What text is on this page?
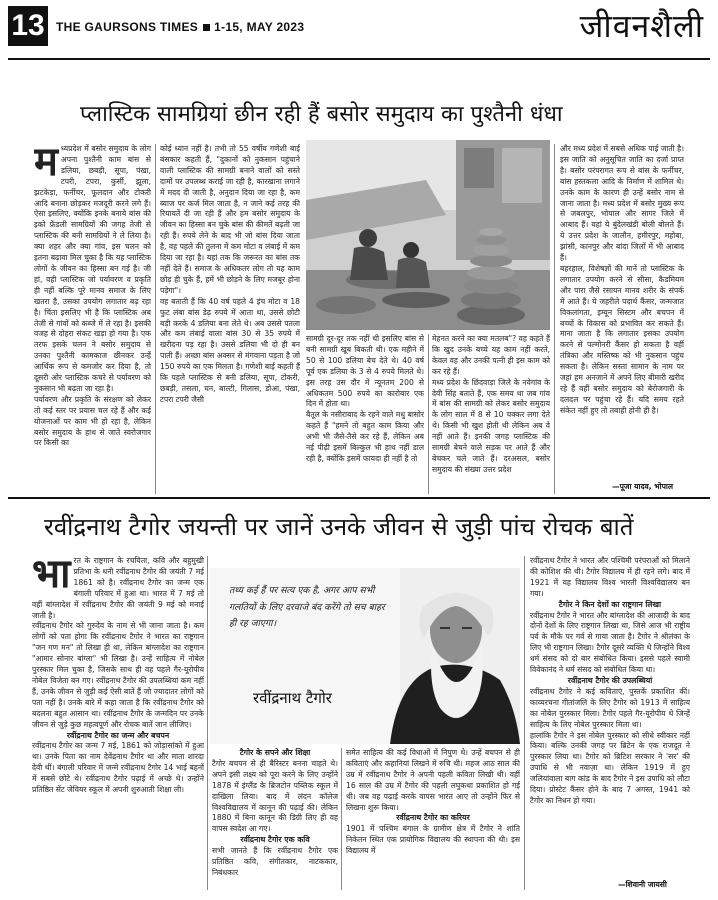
13 THE GAURSONS TIMES 1-15, MAY 2023	जीवनशैली
प्लास्टिक सामग्रियां छीन रही हैं बसोर समुदाय का पुश्तैनी धंधा
म ध्यप्रदेश में बसोर समुदाय के लोग अपना पुश्तैनी काम बांस से डलिया, छबड़ी, सूपा, पंखा, टपरी, टपरा, कुर्सी, झूला, झटकेड़ा, फर्नीचर, फूलदान और टोकरी आदि बनाना छोड़कर मजदूरी करने लगे हैं। ऐसा इसलिए, क्योंकि इनके बनाये बांस की इको फ्रेंडली सामग्रियों की जगह तेजी से प्लास्टिक की बनी सामग्रियों ने ले लिया है। क्या शहर और क्या गांव, इस चलन को इतना बढ़ावा मिल चुका है कि यह प्लास्टिक लोगों के जीवन का हिस्सा बन गई है। जी हां, वही प्लास्टिक जो पर्यावरण व प्रकृति ही नहीं बल्कि पूरे मानव समाज के लिए खतरा है, उसका उपयोग लगातार बढ़ रहा है। चिंता इसलिए भी है कि प्लास्टिक अब तेजी से गांवों को कब्जे में ले रहा है। इसकी वजह से दोहरा संकट खड़ा हो गया है। एक तरफ इसके चलन ने बसोर समुदाय से उनका पुश्तैनी कामकाज छीनकर उन्हें आर्थिक रूप से कमजोर कर दिया है, तो दूसरी ओर प्लास्टिक कचरे से पर्यावरण को नुकसान भी बढ़ता जा रहा है।

पर्यावरण और प्रकृति के संरक्षण को लेकर तो कई स्तर पर प्रयास चल रहे हैं और कई योजनाओं पर काम भी हो रहा है, लेकिन बसोर समुदाय के हाथ से जाते स्वरोजगार पर किसी का

कोई ध्यान नहीं है। तभी तो 55 वर्षीय गणेशी बाई बंसकार कहती हैं, "दुकानों को नुकसान पहुंचाने वाली प्लास्टिक की सामग्री बनाने वालों को सस्ते दामों पर उपलब्ध कराई जा रही है, कारखाना लगाने में मदद दी जाती है, अनुदान दिया जा रहा है, कम ब्याज पर कर्ज मिल जाता है, न जाने कई तरह की रियायतें दी जा रही हैं और हम बसोर समुदाय के जीवन का हिस्सा बन चुके बांस की कीमतें बढ़ती जा रही हैं। रुपये लेने के बाद भी जो बांस दिया जाता है, वह पहले की तुलना में कम मोटा व लंबाई में कम दिया जा रहा है। यहां तक कि जरूरत का बांस तक नहीं देते हैं। समाज के अधिकतर लोग तो यह काम छोड़ ही चुके हैं, हमें भी छोड़ने के लिए मजबूर होना पड़ेगा"।

वह बताती हैं कि 40 वर्ष पहले 4 इंच मोटा व 18 फुट लंबा बांस डेढ़ रुपये में आता था, उससे छोटी बड़ी करके 4 डलिया बना लेते थे। अब उससे पतला और कम लंबाई वाला बांस 30 से 35 रुपये में खरीदना पड़ रहा है। उससे डलिया भी दो ही बन पाती हैं। अच्छा बांस अक्सर से मंगवाना पड़ता है जो 150 रुपये का एक मिलता है। गणेशी बाई कहती हैं कि पहले प्लास्टिक से बनी डलिया, सूपा, टोकरी, छबड़ी, तसला, घन, बाल्टी, गिलास, डोआ, पंखा, टपरा टपरी जैसी

सामग्री दूर-दूर तक नहीं थी इसलिए बांस से बनी सामग्री खूब बिकती थी। एक महीने में 50 से 100 डलिया बेच देते थे। 40 वर्ष पूर्व एक डलिया के 3 से 4 रुपये मिलते थे। इस तरह उस दौर में न्यूनतम 200 से अधिकतम 500 रुपये का कारोबार एक दिन में होता था।

बैतूल के नसीराबाद के रहने वाले मधु बासोर कहते हैं "हमने तो बहुत काम किया और अभी भी जैसे-तैसे कर रहे हैं, लेकिन अब नई पीढ़ी इसमें बिल्कुल भी हाथ नहीं डाल रही है, क्योंकि इसमें फायदा ही नहीं है तो

मेहनत करने का क्या मतलब"? वह कहते हैं कि खुद उनके बच्चे यह काम नहीं करते, केवल वह और उनकी पत्नी ही इस काम को कर रहे हैं।

मध्य प्रदेश के छिंदवाड़ा जिले के नवेगांव के देवी सिंह बताते हैं, एक समय था जब गांव में बांस की सामग्री को लेकर बसोर समुदाय के लोग साल में 8 से 10 चक्कर लगा देते थे। किसी भी खुश होती थी लेकिन अब वे नहीं आते हैं। इनकी जगह प्लास्टिक की सामग्री बेचने वाले सड़क पर आते हैं और बेचकर चले जाते हैं। दरअसल, बसोर समुदाय की संख्या उत्तर प्रदेश

और मध्य प्रदेश में सबसे अधिक पाई जाती है। इस जाति को अनुसूचित जाति का दर्जा प्राप्त है। बसोर परंपरागत रूप से बांस के फर्नीचर, बांस हस्तकला आदि के निर्माण में शामिल थे। उनके काम के कारण ही उन्हें बसोर नाम से जाना जाता है। मध्य प्रदेश में बसोर मुख्य रूप से जबलपुर, भोपाल और सागर जिले में आबाद हैं। यहां ये बुंदेलखंडी बोली बोलते हैं। ये उत्तर प्रदेश के जालौन, हमीरपुर, महोबा, झांसी, कानपुर और बांदा जिलों में भी आबाद हैं।

बहरहाल, विशेषज्ञों की मानें तो प्लास्टिक के लगातार उपयोग करने से सीसा, कैडमियम और पारा जैसे रसायन मानव शरीर के संपर्क में आते हैं। ये जहरीले पदार्थ कैंसर, जन्मजात विकलांगता, इम्यून सिस्टम और बचपन में बच्चों के विकास को प्रभावित कर सकते हैं। माना जाता है कि लगातार इसका उपयोग करने से पल्मोनरी कैंसर हो सकता है वहीं तंत्रिका और मस्तिष्क को भी नुकसान पहुंच सकता है। लेकिन सस्ता सामान के नाम पर जहां हम अनजाने में अपने लिए बीमारी खरीद रहे हैं वहीं बसोर समुदाय को बेरोजगारी के दलदल पर पहुंचा रहे हैं। यदि समय रहते संकेत नहीं हुए तो तबाही होनी ही है।

—पूजा यादव, भोपाल
रवींद्रनाथ टैगोर जयन्ती पर जानें उनके जीवन से जुड़ी पांच रोचक बातें
भा रत के राष्ट्रगान के रचयिता, कवि और बहुमुखी प्रतिभा के धनी रवींद्रनाथ टैगोर की जयंती 7 मई 1861 को है। रवींद्रनाथ टैगोर का जन्म एक बंगाली परिवार में हुआ था। भारत में 7 मई तो वहीं बांग्लादेश में रवींद्रनाथ टैगोर की जयंती 9 मई को मनाई जाती है।

रवींद्रनाथ टैगोर को गुरुदेव के नाम से भी जाना जाता है। कम लोगों को पता होगा कि रवींद्रनाथ टैगोर ने भारत का राष्ट्रगान "जन गण मन" तो लिखा ही था, लेकिन बांग्लादेश का राष्ट्रगान "आमार सोनार बांग्ला" भी लिखा है। उन्हें साहित्य में नोबेल पुरस्कार मिल चुका है, जिसके साथ ही वह पहले गैर-यूरोपीय नोबेल विजेता बन गए। रवींद्रनाथ टैगोर की उपलब्धियां कम नहीं हैं, उनके जीवन से जुड़ी कई ऐसी बातें हैं जो ज्यादातर लोगों को पता नहीं है। उनके बारे में कहा जाता है कि रवींद्रनाथ टैगोर को बदलना बहुत आसान था। रवींद्रनाथ टैगोर के जन्मदिन पर उनके जीवन से जुड़े कुछ महत्वपूर्ण और रोचक बातें जान लीजिए।

रवींद्रनाथ टैगोर का जन्म और बचपन

रवींद्रनाथ टैगोर का जन्म 7 मई, 1861 को जोड़ासांको में हुआ था। उनके पिता का नाम देवेंद्रनाथ टैगोर था और माता शारदा देवी थीं। बंगाली परिवार में जन्मे रवींद्रनाथ टैगोर 14 भाई बहनों में सबसे छोटे थे। रवींद्रनाथ टैगोर पढ़ाई में अच्छे थे। उन्होंने प्रतिष्ठित सेंट जेवियर स्कूल में अपनी शुरुआती शिक्षा ली।

तथ्य कई हैं पर सत्य एक है, अगर आप सभी गलतियों के लिए दरवाजे बंद करेंगे तो सच बाहर ही रह जाएगा।
रवींद्रनाथ टैगोर

टैगोर के सपने और शिक्षा

टैगोर बचपन से ही बैरिस्टर बनना चाहते थे। अपने इसी लक्ष्य को पूरा करने के लिए उन्होंने 1878 में इंग्लैंड के ब्रिजटोन पब्लिक स्कूल में दाखिला लिया। बाद में लंदन कॉलेज विश्वविद्यालय में कानून की पढ़ाई की। लेकिन 1880 में बिना कानून की डिग्री लिए ही वह वापस स्वदेश आ गए।

रवींद्रनाथ टैगोर एक कवि

सभी जानते हैं कि रवींद्रनाथ टैगोर एक प्रतिष्ठित कवि, संगीतकार, नाटककार, निबंधकार

समेत साहित्य की कई विधाओं में निपुण थे। उन्हें बचपन से ही कविताएं और कहानियां लिखने में रुचि थी। महज आठ साल की उम्र में रवींद्रनाथ टैगोर ने अपनी पहली कविता लिखी थी। वहीं 16 साल की उम्र में टैगोर की पहली लघुकथा प्रकाशित हो गई थी। जब वह पढ़ाई करके वापस भारत आए तो उन्होंने फिर से लिखना शुरू किया।

रवींद्रनाथ टैगोर का करियर

1901 में पश्चिम बंगाल के ग्रामीण क्षेत्र में टैगोर ने शांति निकेतन स्थित एक प्रायोगिक विद्यालय की स्थापना की थी। इस विद्यालय में

रवींद्रनाथ टैगोर ने भारत और पश्चिमी परंपराओं को मिलाने की कोशिश की थी। टैगोर विद्यालय में ही रहने लगे। बाद में 1921 में यह विद्यालय विश्व भारती विश्वविद्यालय बन गया।

टैगोर ने किन देशों का राष्ट्रगान लिखा

रवींद्रनाथ टैगोर ने भारत और बांग्लादेश की आजादी के बाद दोनों देशों के लिए राष्ट्रगान लिखा था, जिसे आज भी राष्ट्रीय पर्व के मौके पर गर्व से गाया जाता है। टैगोर ने श्रीलंका के लिए भी राष्ट्रगान लिखा। टैगोर दूसरे व्यक्ति थे जिन्होंने विश्व धर्म संसद को दो बार संबोधित किया। इससे पहले स्वामी विवेकानंद ने धर्म संसद को संबोधित किया था।

रवींद्रनाथ टैगोर की उपलब्धियां

रवींद्रनाथ टैगोर ने कई कविताएं, पुस्तकें प्रकाशित कीं। काव्यरचना गीतांजलि के लिए टैगोर को 1913 में साहित्य का नोबेल पुरस्कार मिला। टैगोर पहले गैर-यूरोपीय थे जिन्हें साहित्य के लिए नोबेल पुरस्कार मिला था।

हालांकि टैगोर ने इस नोबेल पुरस्कार को सीधे स्वीकार नहीं किया। बल्कि उनकी जगह पर ब्रिटेन के एक राजदूत ने पुरस्कार लिया था। टैगोर को ब्रिटिश सरकार ने 'सर' की उपाधि से भी नवाज़ा था। लेकिन 1919 में हुए जलियांवाला बाग कांड के बाद टैगोर ने इस उपाधि को लौटा दिया। प्रोस्टेट कैंसर होने के बाद 7 अगस्त, 1941 को टैगोर का निधन हो गया।

—शिवानी जायसी
